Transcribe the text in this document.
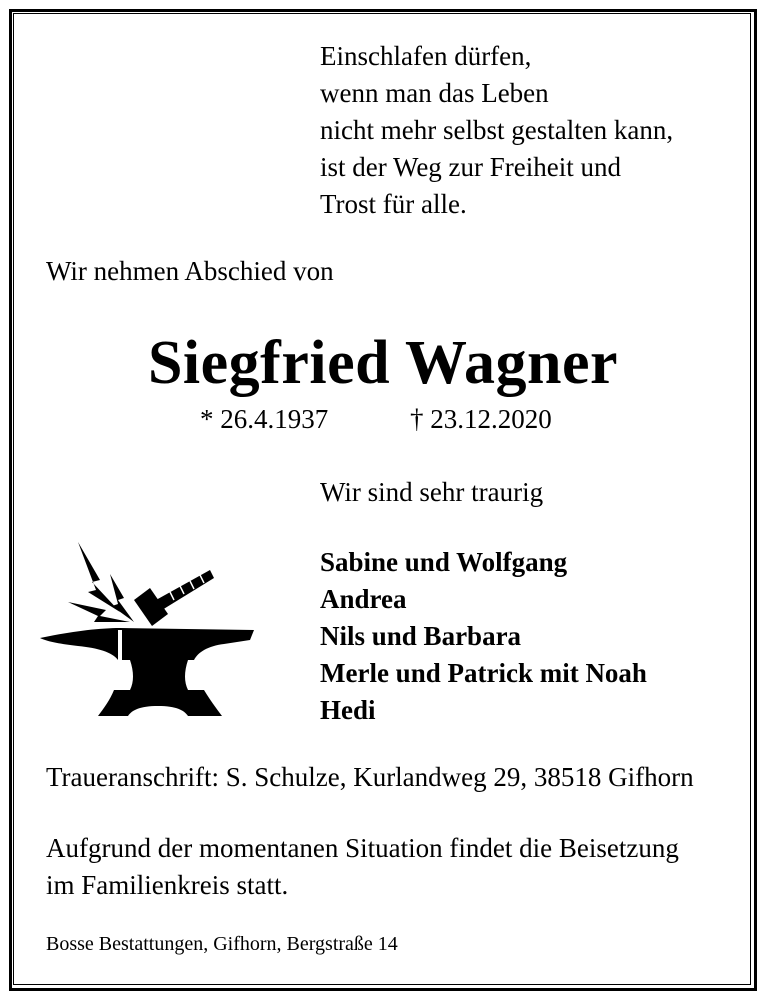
Einschlafen dürfen,
wenn man das Leben
nicht mehr selbst gestalten kann,
ist der Weg zur Freiheit und
Trost für alle.
Wir nehmen Abschied von
Siegfried Wagner
* 26.4.1937	† 23.12.2020
Wir sind sehr traurig
Sabine und Wolfgang
Andrea
Nils und Barbara
Merle und Patrick mit Noah
Hedi
Traueranschrift: S. Schulze, Kurlandweg 29, 38518 Gifhorn
Aufgrund der momentanen Situation findet die Beisetzung
im Familienkreis statt.
Bosse Bestattungen, Gifhorn, Bergstraße 14
